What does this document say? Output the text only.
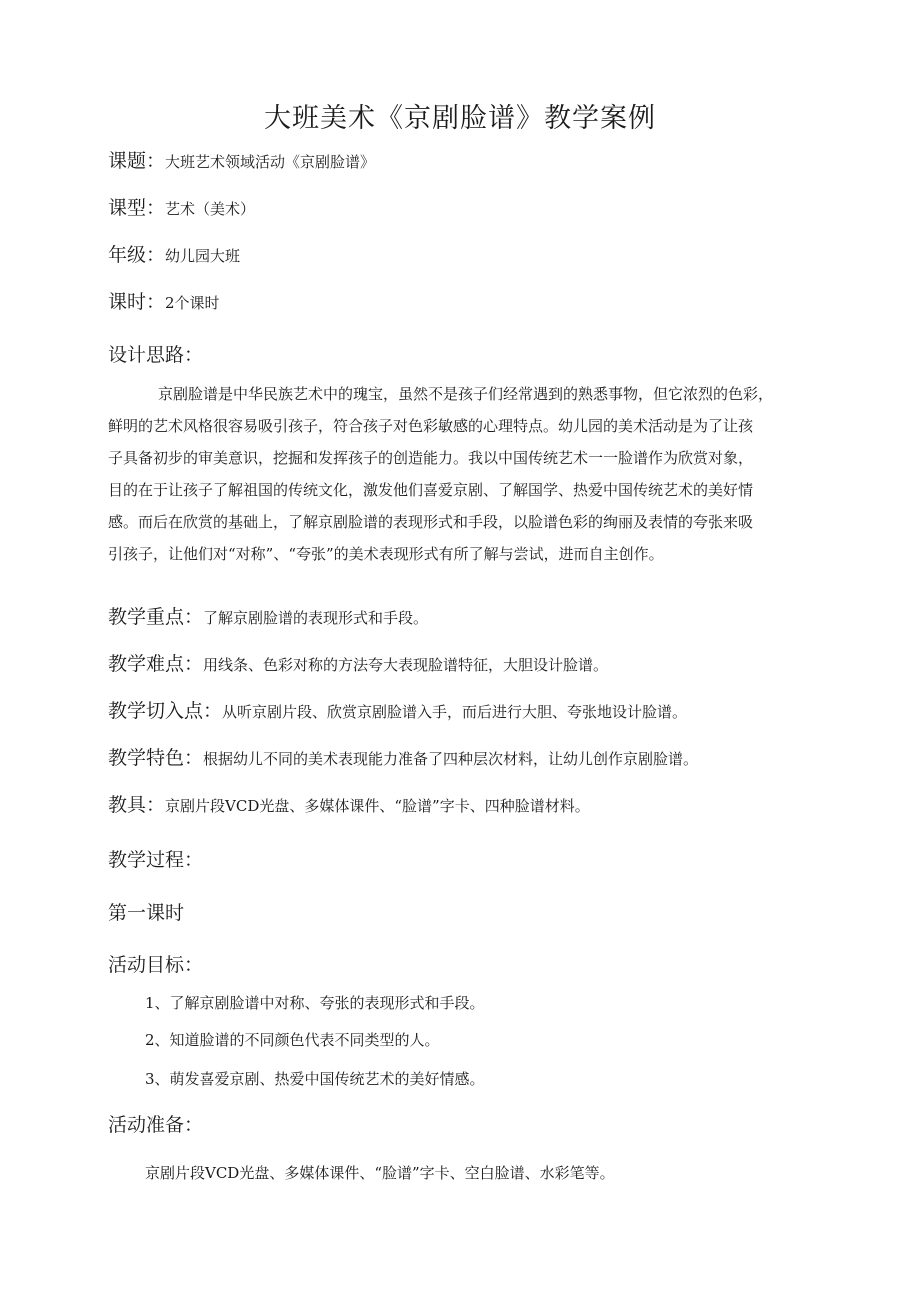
大班美术《京剧脸谱》教学案例
课题：大班艺术领域活动《京剧脸谱》
课型：艺术（美术）
年级：幼儿园大班
课时：2个课时
设计思路：
京剧脸谱是中华民族艺术中的瑰宝，虽然不是孩子们经常遇到的熟悉事物，但它浓烈的色彩，
鲜明的艺术风格很容易吸引孩子，符合孩子对色彩敏感的心理特点。幼儿园的美术活动是为了让孩
子具备初步的审美意识，挖掘和发挥孩子的创造能力。我以中国传统艺术一一脸谱作为欣赏对象，
目的在于让孩子了解祖国的传统文化，激发他们喜爱京剧、了解国学、热爱中国传统艺术的美好情
感。而后在欣赏的基础上，了解京剧脸谱的表现形式和手段，以脸谱色彩的绚丽及表情的夸张来吸
引孩子，让他们对“对称”、“夸张”的美术表现形式有所了解与尝试，进而自主创作。
教学重点：了解京剧脸谱的表现形式和手段。
教学难点：用线条、色彩对称的方法夸大表现脸谱特征，大胆设计脸谱。
教学切入点：从听京剧片段、欣赏京剧脸谱入手，而后进行大胆、夸张地设计脸谱。
教学特色：根据幼儿不同的美术表现能力准备了四种层次材料，让幼儿创作京剧脸谱。
教具：京剧片段VCD光盘、多媒体课件、“脸谱”字卡、四种脸谱材料。
教学过程：
第一课时
活动目标：
1、了解京剧脸谱中对称、夸张的表现形式和手段。
2、知道脸谱的不同颜色代表不同类型的人。
3、萌发喜爱京剧、热爱中国传统艺术的美好情感。
活动准备：
京剧片段VCD光盘、多媒体课件、“脸谱”字卡、空白脸谱、水彩笔等。
